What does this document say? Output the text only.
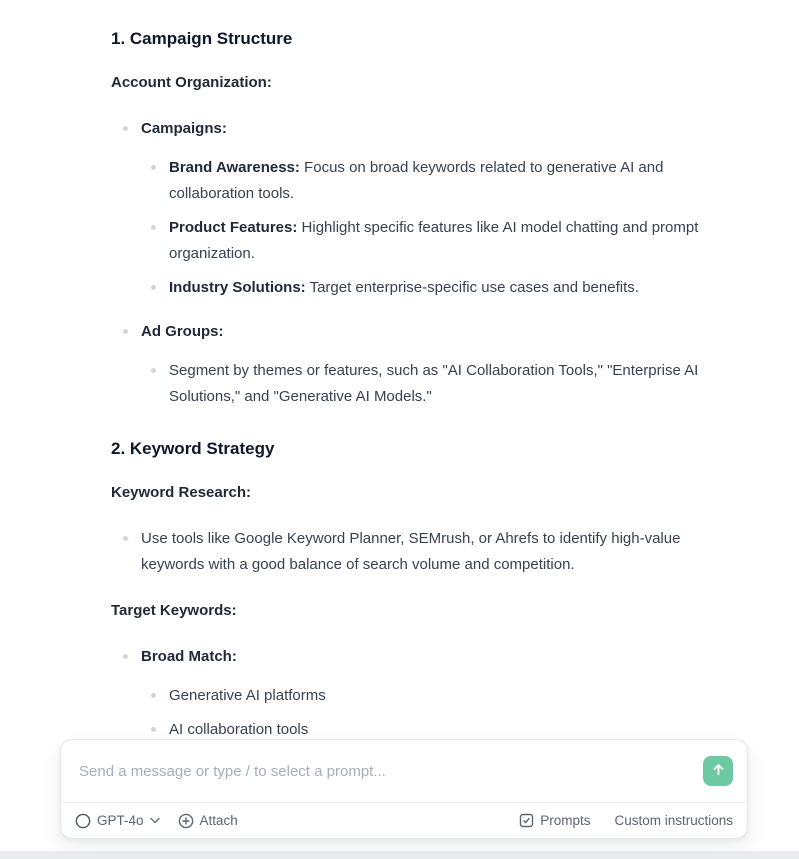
1. Campaign Structure

Account Organization:

Campaigns:

Brand Awareness: Focus on broad keywords related to generative AI and collaboration tools.
Product Features: Highlight specific features like AI model chatting and prompt organization.
Industry Solutions: Target enterprise-specific use cases and benefits.

Ad Groups:

Segment by themes or features, such as "AI Collaboration Tools," "Enterprise AI Solutions," and "Generative AI Models."
2. Keyword Strategy

Keyword Research:

Use tools like Google Keyword Planner, SEMrush, or Ahrefs to identify high-value keywords with a good balance of search volume and competition.

Target Keywords:

Broad Match:

Generative AI platforms
AI collaboration tools
Send a message or type / to select a prompt...
GPT-4o	Attach	Prompts Custom instructions
